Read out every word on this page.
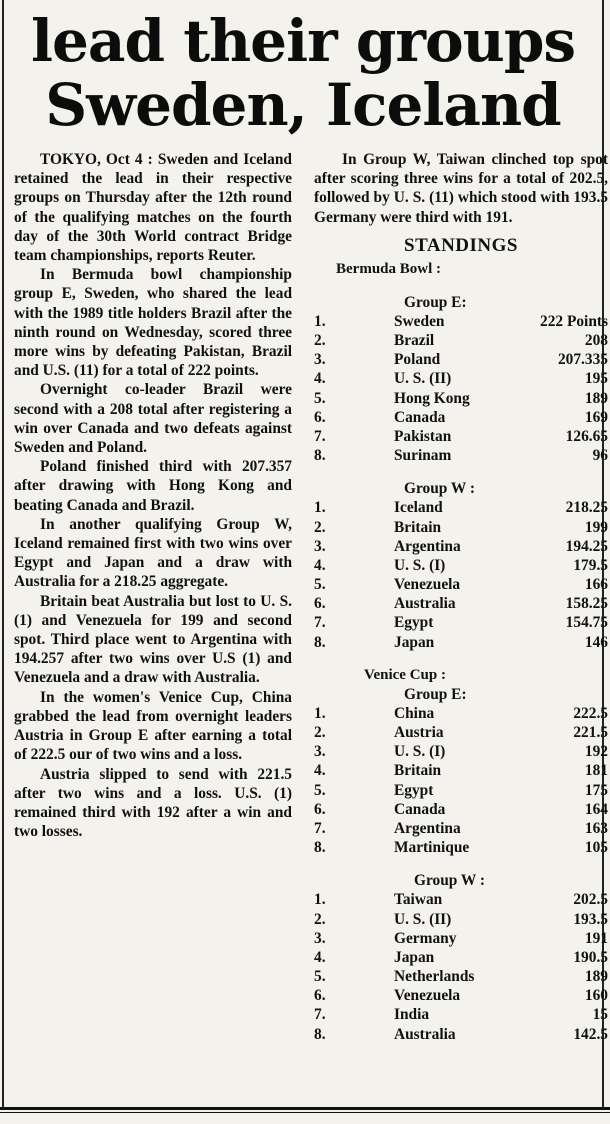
lead their groups
Sweden, Iceland

TOKYO, Oct 4 : Sweden and Iceland retained the lead in their respective groups on Thursday after the 12th round of the qualifying matches on the fourth day of the 30th World contract Bridge team championships, reports Reuter.

In Bermuda bowl championship group E, Sweden, who shared the lead with the 1989 title holders Brazil after the ninth round on Wednesday, scored three more wins by defeating Pakistan, Brazil and U.S. (11) for a total of 222 points.

Overnight co-leader Brazil were second with a 208 total after registering a win over Canada and two defeats against Sweden and Poland.

Poland finished third with 207.357 after drawing with Hong Kong and beating Canada and Brazil.

In another qualifying Group W, Iceland remained first with two wins over Egypt and Japan and a draw with Australia for a 218.25 aggregate.

Britain beat Australia but lost to U. S. (1) and Venezuela for 199 and second spot. Third place went to Argentina with 194.257 after two wins over U.S (1) and Venezuela and a draw with Australia.

In the women's Venice Cup, China grabbed the lead from overnight leaders Austria in Group E after earning a total of 222.5 our of two wins and a loss.

Austria slipped to send with 221.5 after two wins and a loss. U.S. (1) remained third with 192 after a win and two losses.

In Group W, Taiwan clinched top spot after scoring three wins for a total of 202.5, followed by U. S. (11) which stood with 193.5 Germany were third with 191.

STANDINGS
Bermuda Bowl :
Group E:
1.	Sweden	222 Points
2.	Brazil	208
3.	Poland	207.335
4.	U. S. (II)	195
5.	Hong Kong	189
6.	Canada	169
7.	Pakistan	126.65
8.	Surinam	96
Group W :
1.	Iceland	218.25
2.	Britain	199
3.	Argentina	194.25
4.	U. S. (I)	179.5
5.	Venezuela	166
6.	Australia	158.25
7.	Egypt	154.75
8.	Japan	146
Venice Cup :
Group E:
1.	China	222.5
2.	Austria	221.5
3.	U. S. (I)	192
4.	Britain	181
5.	Egypt	175
6.	Canada	164
7.	Argentina	163
8.	Martinique	105
Group W :
1.	Taiwan	202.5
2.	U. S. (II)	193.5
3.	Germany	191
4.	Japan	190.5
5.	Netherlands	189
6.	Venezuela	160
7.	India	15
8.	Australia	142.5
